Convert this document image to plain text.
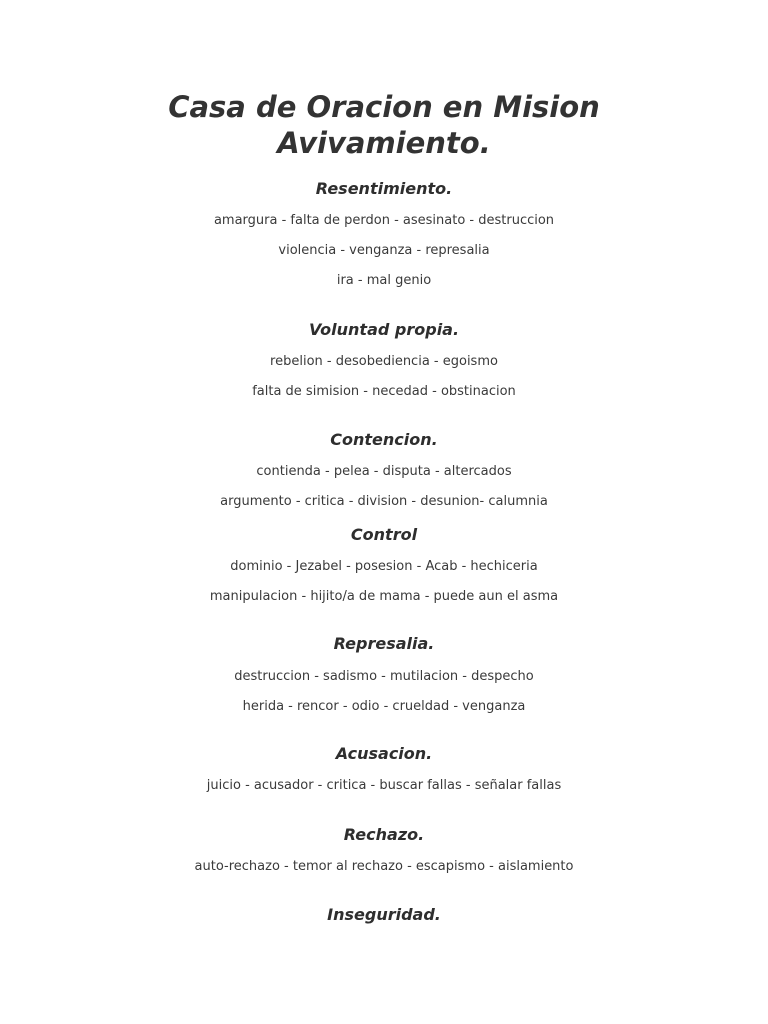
Casa de Oracion en Mision
Avivamiento.
Resentimiento.

amargura - falta de perdon - asesinato - destruccion

violencia - venganza - represalia

ira - mal genio

Voluntad propia.

rebelion - desobediencia - egoismo

falta de simision - necedad - obstinacion

Contencion.

contienda - pelea - disputa - altercados

argumento - critica - division - desunion- calumnia

Control

dominio - Jezabel - posesion - Acab - hechiceria

manipulacion - hijito/a de mama - puede aun el asma

Represalia.

destruccion - sadismo - mutilacion - despecho

herida - rencor - odio - crueldad - venganza

Acusacion.

juicio - acusador - critica - buscar fallas - señalar fallas

Rechazo.

auto-rechazo - temor al rechazo - escapismo - aislamiento

Inseguridad.
